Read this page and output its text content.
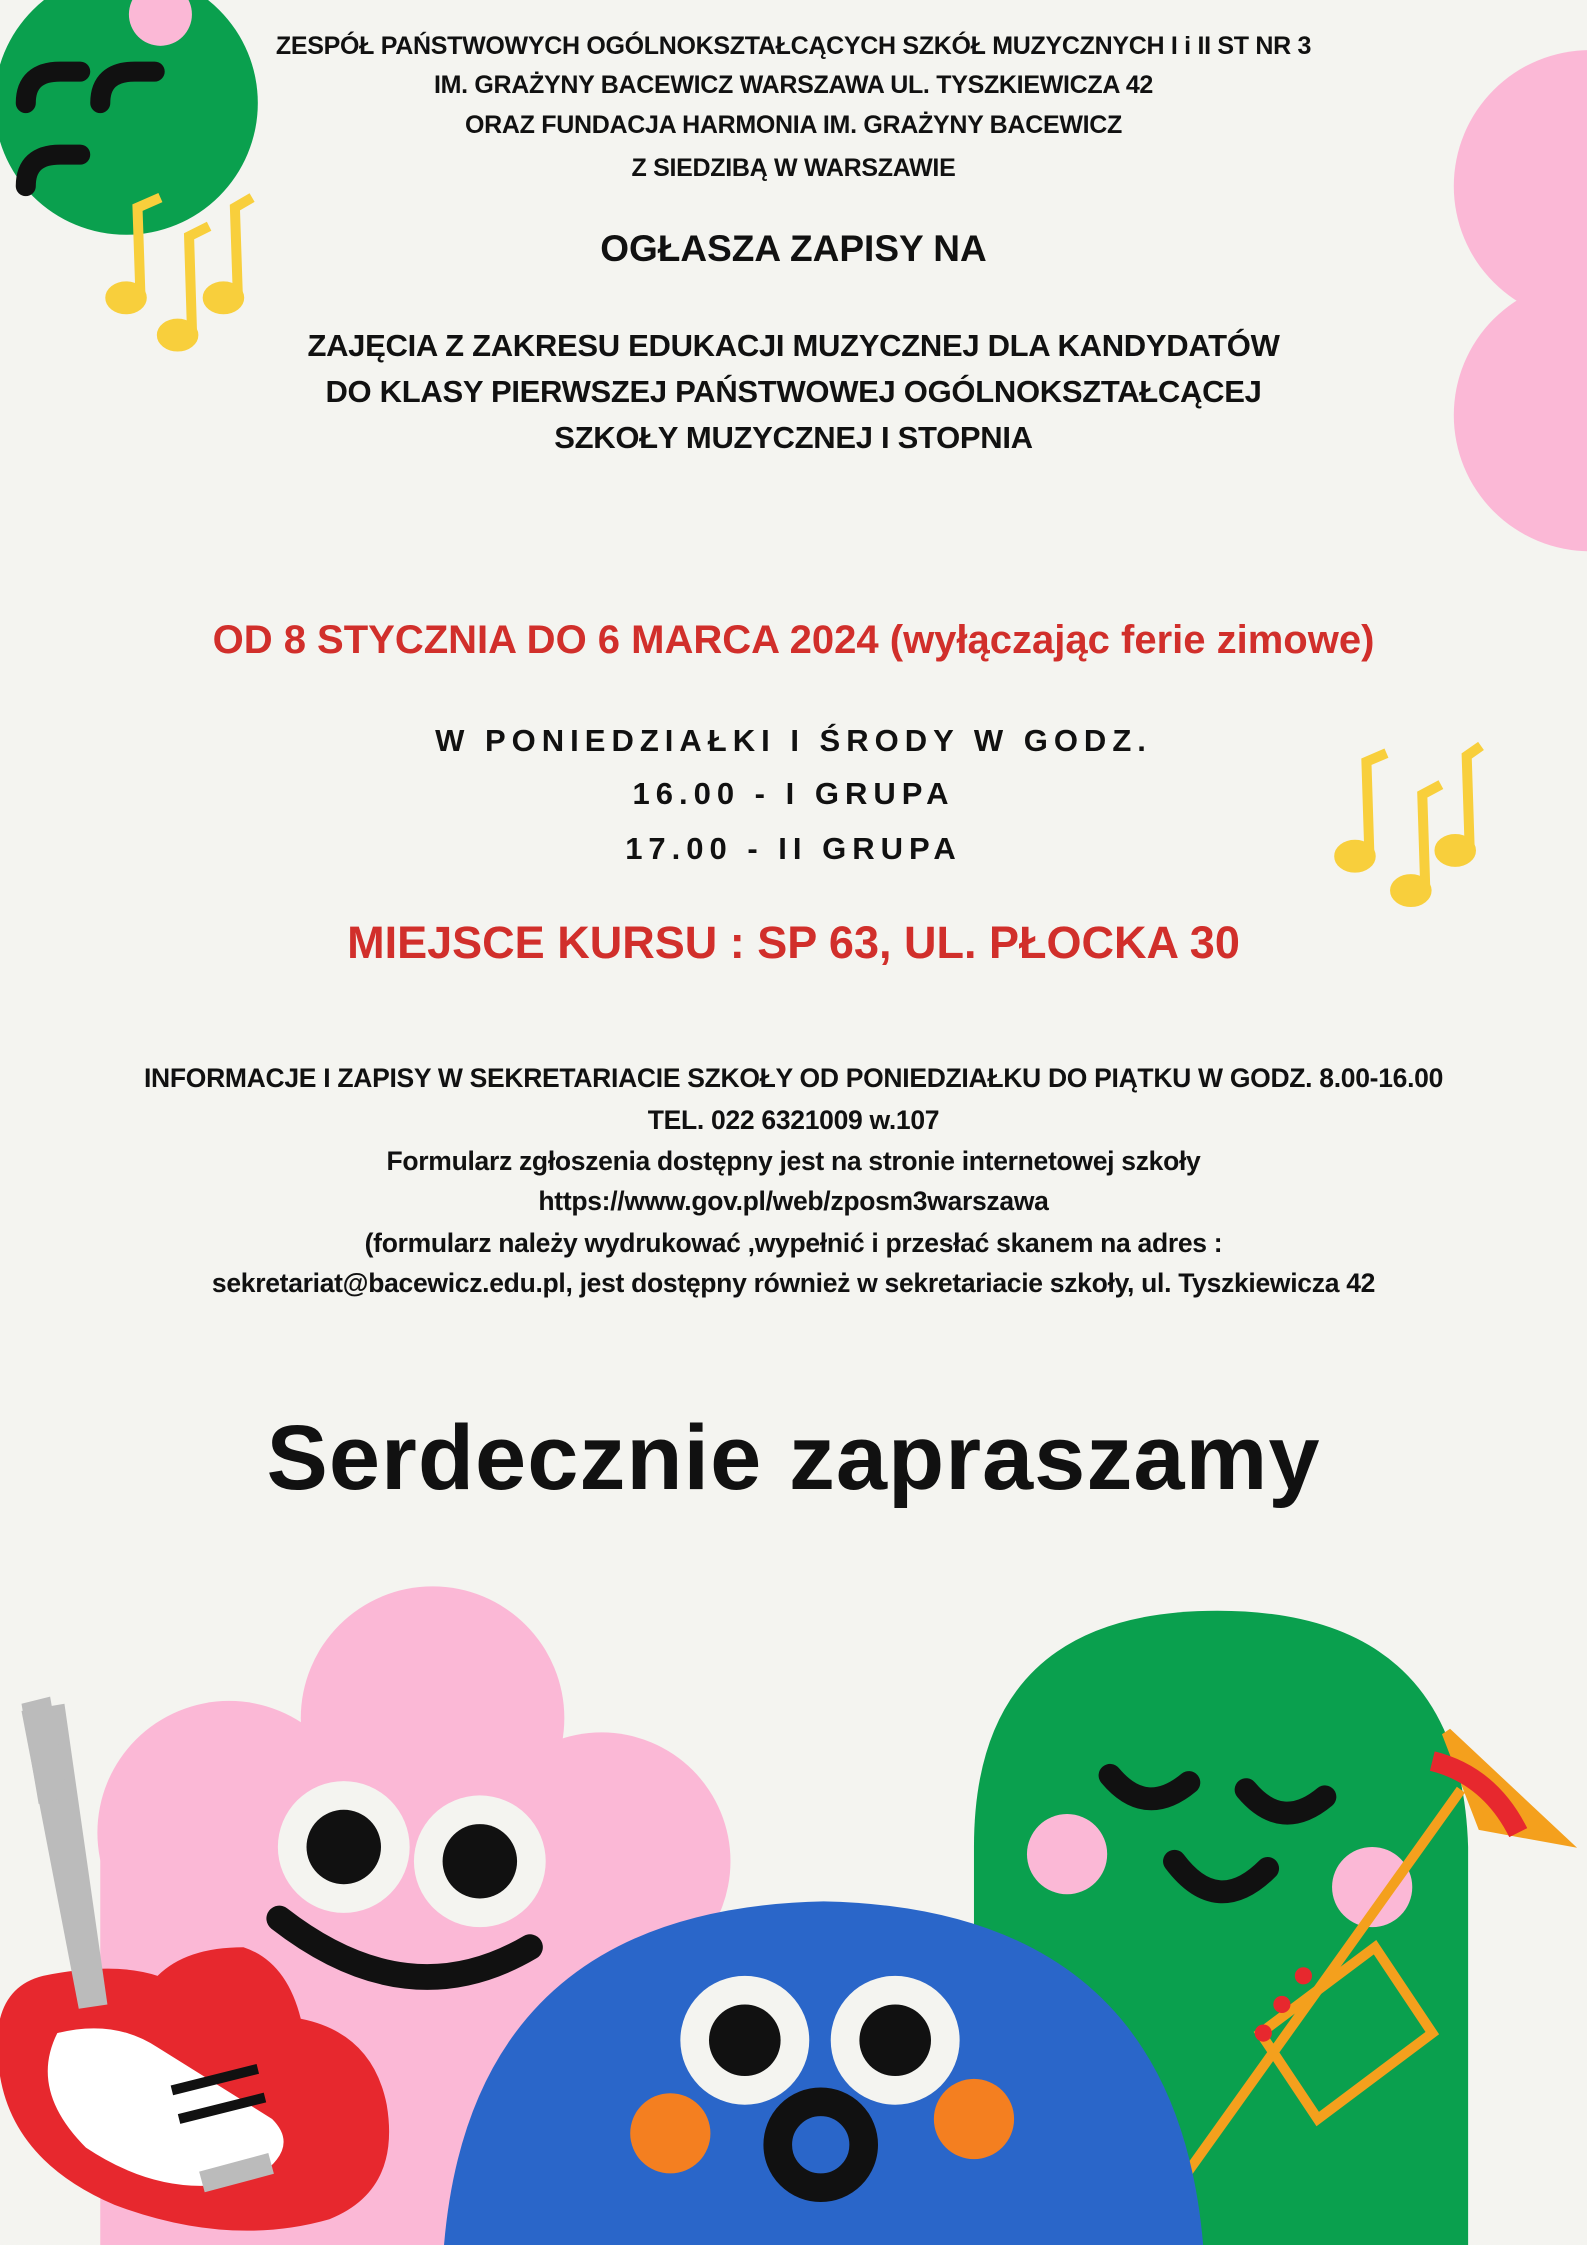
ZESPÓŁ PAŃSTWOWYCH OGÓLNOKSZTAŁCĄCYCH SZKÓŁ MUZYCZNYCH I i II ST NR 3
IM. GRAŻYNY BACEWICZ WARSZAWA UL. TYSZKIEWICZA 42
ORAZ FUNDACJA HARMONIA IM. GRAŻYNY BACEWICZ
Z SIEDZIBĄ W WARSZAWIE
OGŁASZA ZAPISY NA
ZAJĘCIA Z ZAKRESU EDUKACJI MUZYCZNEJ DLA KANDYDATÓW
DO KLASY PIERWSZEJ PAŃSTWOWEJ OGÓLNOKSZTAŁCĄCEJ
SZKOŁY MUZYCZNEJ I STOPNIA
OD 8 STYCZNIA DO 6 MARCA 2024 (wyłączając ferie zimowe)
W PONIEDZIAŁKI I ŚRODY W GODZ.
16.00 - I GRUPA
17.00 - II GRUPA
MIEJSCE KURSU : SP 63, UL. PŁOCKA 30
INFORMACJE I ZAPISY W SEKRETARIACIE SZKOŁY OD PONIEDZIAŁKU DO PIĄTKU W GODZ. 8.00-16.00
TEL. 022 6321009 w.107
Formularz zgłoszenia dostępny jest na stronie internetowej szkoły
https://www.gov.pl/web/zposm3warszawa
(formularz należy wydrukować ,wypełnić i przesłać skanem na adres :
sekretariat@bacewicz.edu.pl, jest dostępny również w sekretariacie szkoły, ul. Tyszkiewicza 42
Serdecznie zapraszamy
